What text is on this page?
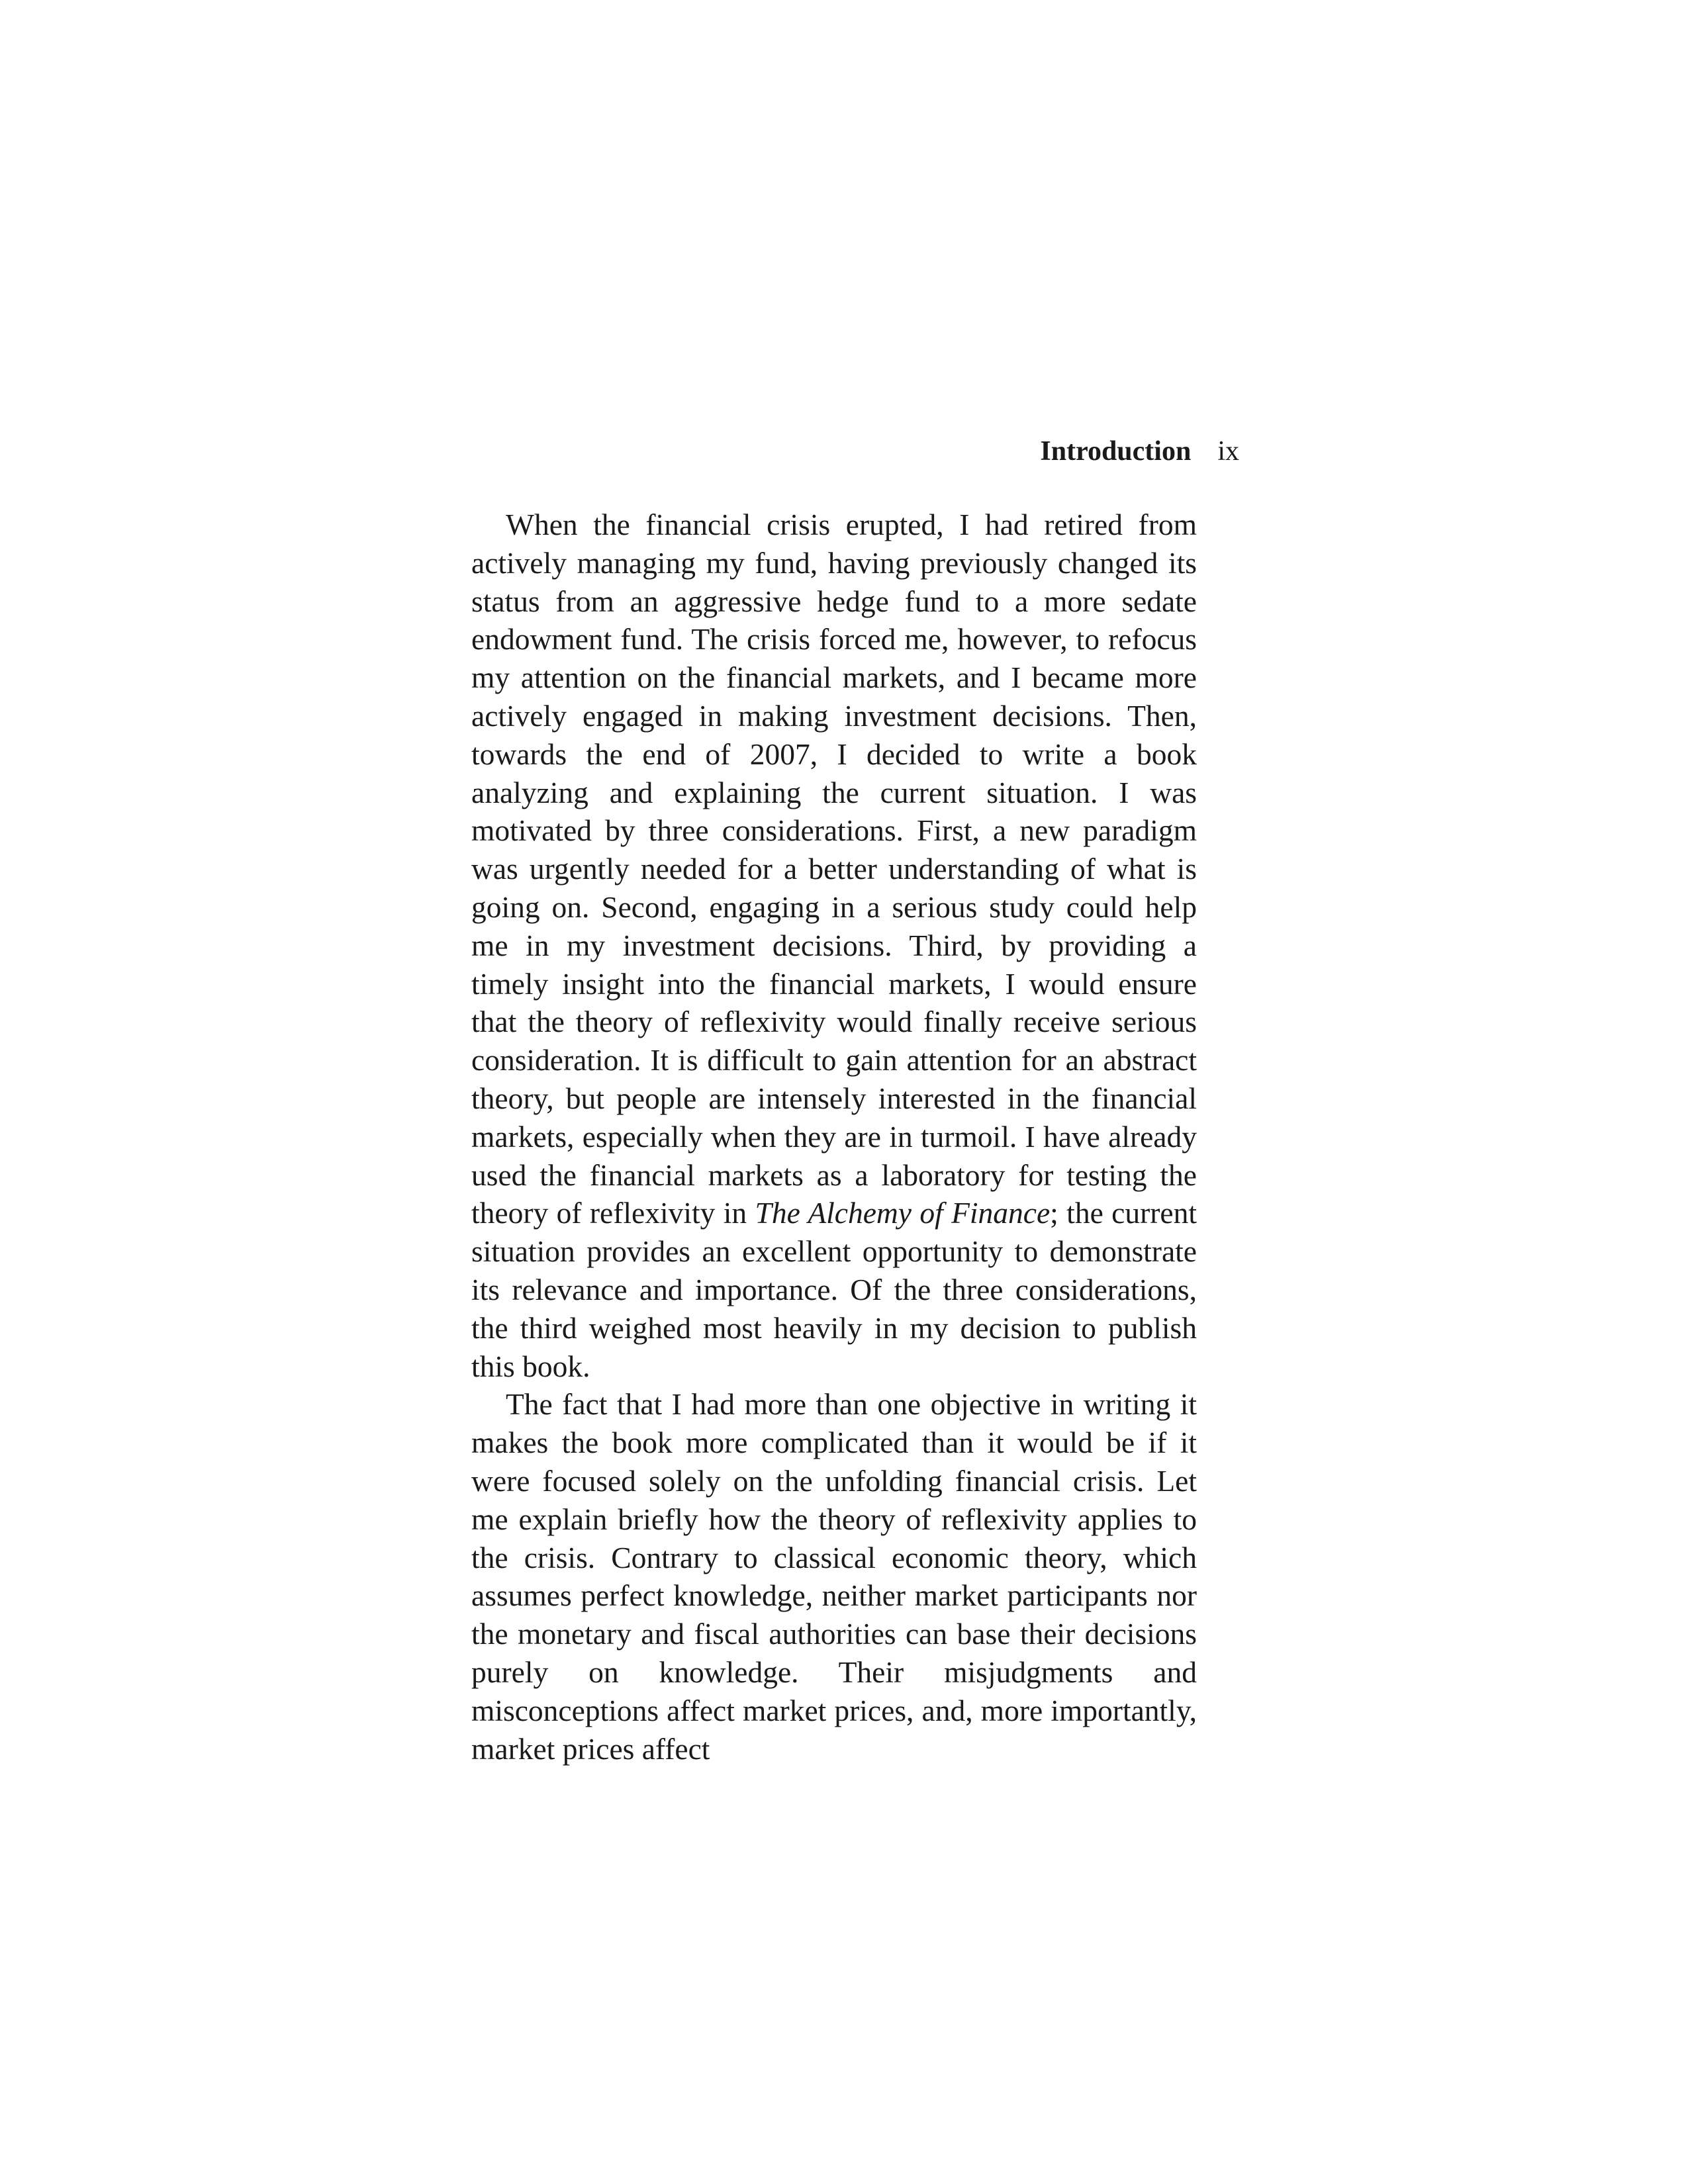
Introduction ix

When the financial crisis erupted, I had retired from actively managing my fund, having previously changed its status from an aggressive hedge fund to a more sedate endowment fund. The crisis forced me, however, to refocus my attention on the financial markets, and I became more actively engaged in making investment decisions. Then, towards the end of 2007, I decided to write a book analyzing and explaining the current situation. I was motivated by three considerations. First, a new paradigm was urgently needed for a better understanding of what is going on. Second, engaging in a serious study could help me in my investment decisions. Third, by providing a timely insight into the financial markets, I would ensure that the theory of reflexivity would finally receive serious consideration. It is difficult to gain attention for an abstract theory, but people are intensely interested in the financial markets, especially when they are in turmoil. I have already used the financial markets as a laboratory for testing the theory of reflexivity in The Alchemy of Finance; the current situation provides an excellent opportunity to demonstrate its relevance and importance. Of the three considerations, the third weighed most heavily in my decision to publish this book.

The fact that I had more than one objective in writing it makes the book more complicated than it would be if it were focused solely on the unfolding financial crisis. Let me explain briefly how the theory of reflexivity applies to the crisis. Contrary to classical economic theory, which assumes perfect knowledge, neither market participants nor the monetary and fiscal authorities can base their decisions purely on knowledge. Their misjudgments and misconceptions affect market prices, and, more importantly, market prices affect
